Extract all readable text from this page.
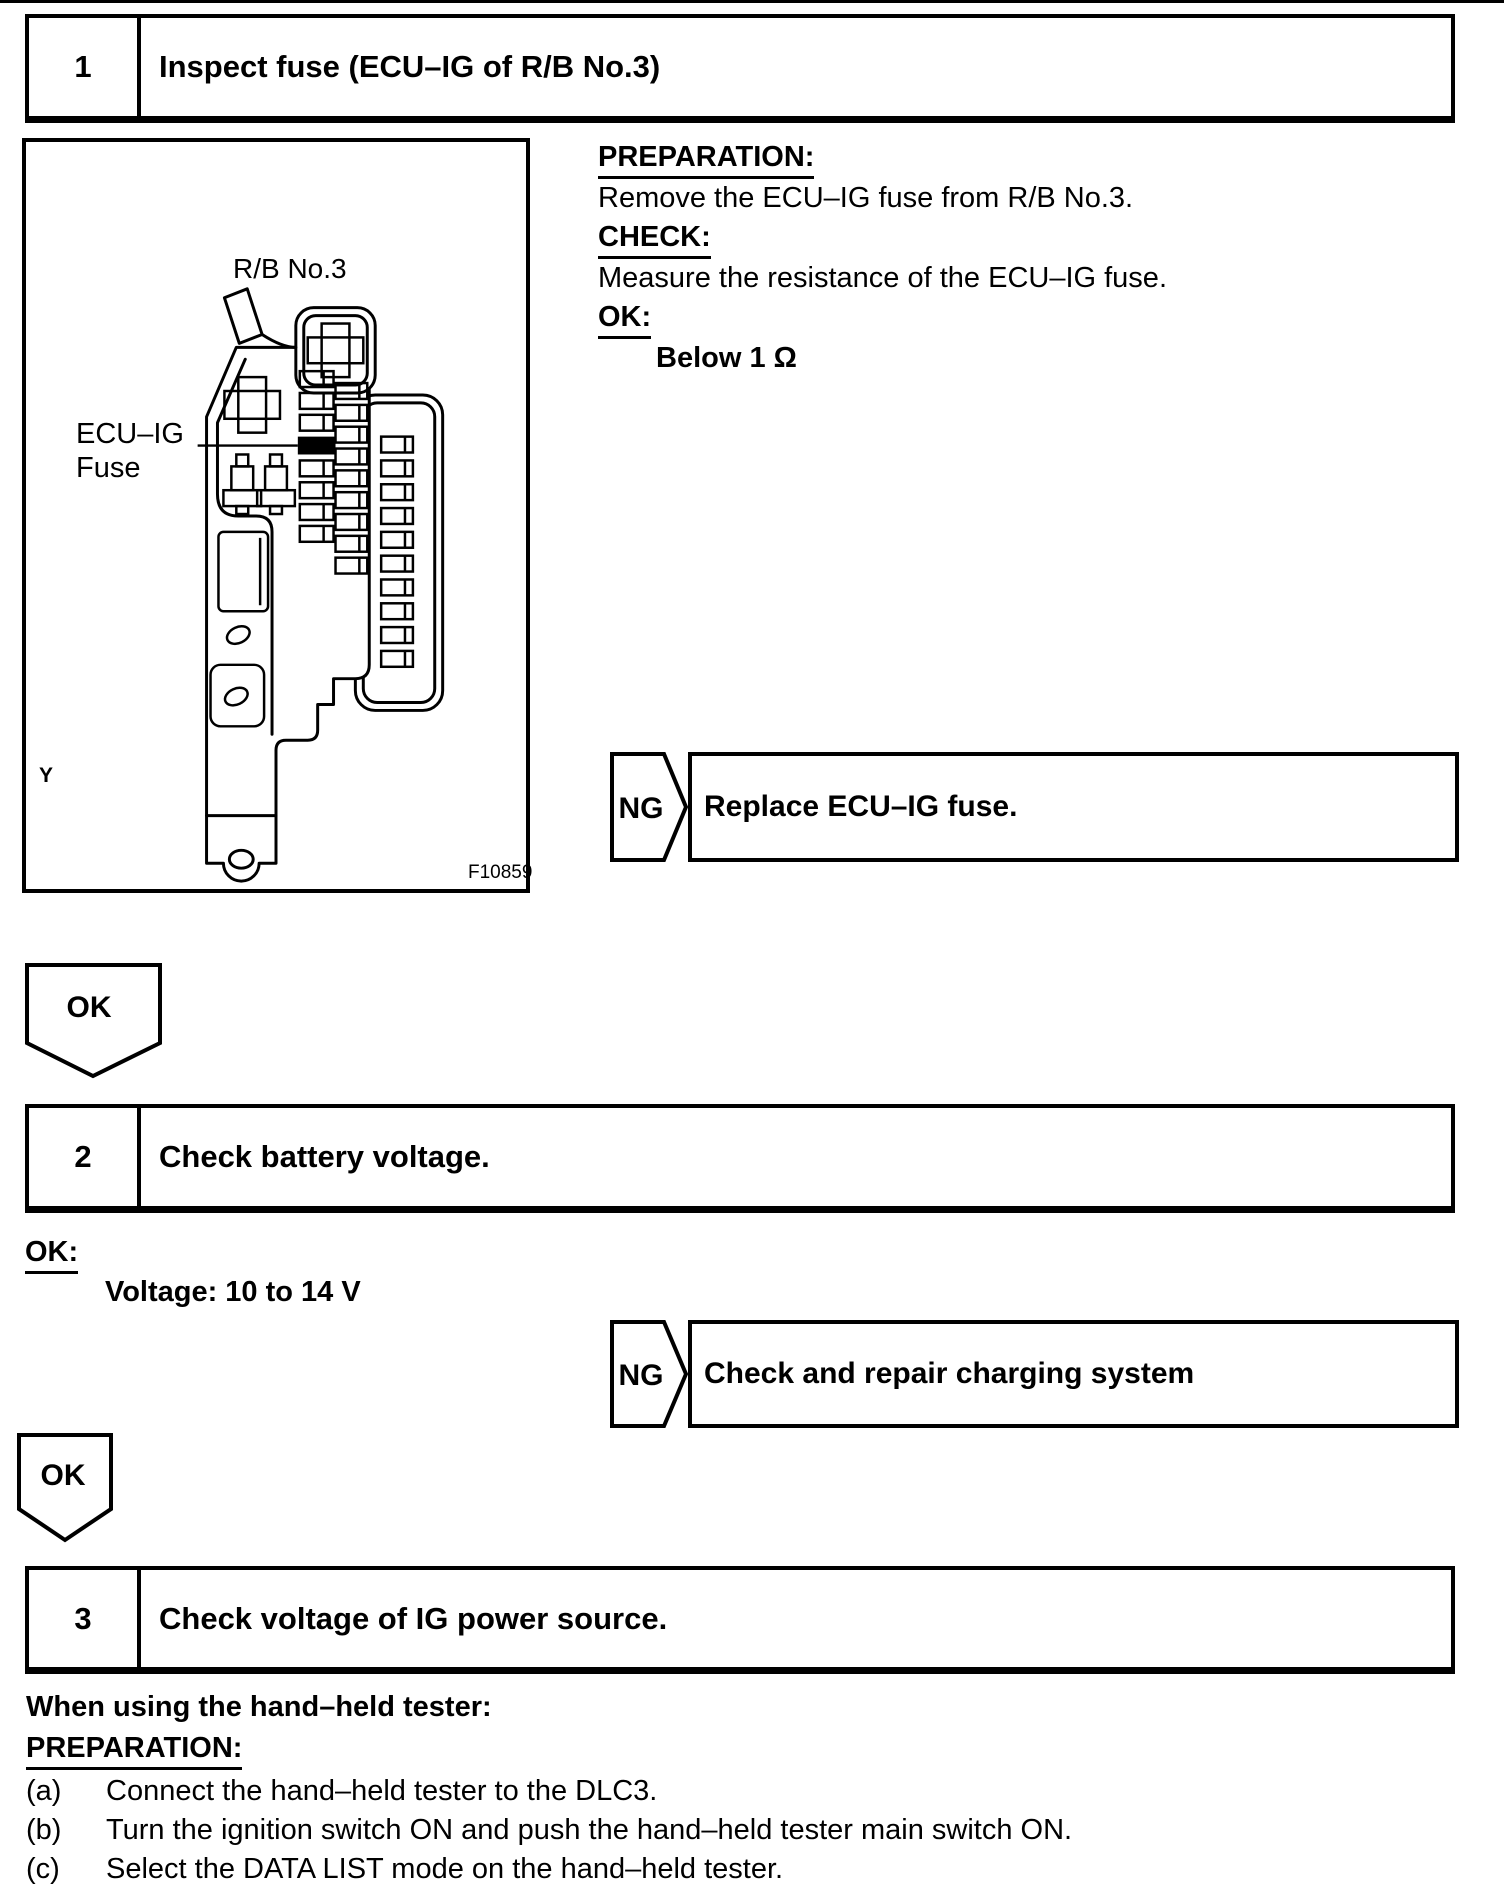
1	Inspect fuse (ECU–IG of R/B No.3)
R/B No.3
ECU–IG
Fuse
Y
F10859
PREPARATION:
Remove the ECU–IG fuse from R/B No.3.
CHECK:
Measure the resistance of the ECU–IG fuse.
OK:
Below 1 Ω
NG	Replace ECU–IG fuse.
OK
2	Check battery voltage.
OK:
Voltage: 10 to 14 V
NG	Check and repair charging system
OK
3	Check voltage of IG power source.
When using the hand–held tester:
PREPARATION:
(a) Connect the hand–held tester to the DLC3.
(b) Turn the ignition switch ON and push the hand–held tester main switch ON.
(c) Select the DATA LIST mode on the hand–held tester.
